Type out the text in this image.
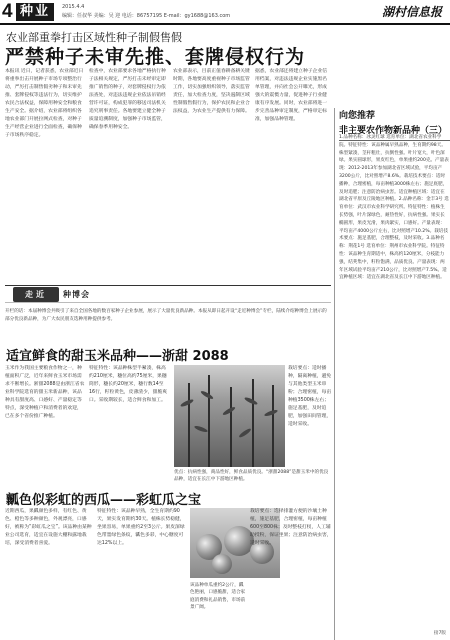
4 种业	2015.4.4
编辑：任叔华 美编：吴 迎 电话：86757195 E-mail：gy1688@163.com	湖村信息报
农业部重拳打击区域性种子制假售假
严禁种子未审先推、套牌侵权行为
本报讯 近日，记者获悉，农业部近日将重拳出击开展种子市场专项整治行动，严厉打击制售假劣种子和未审先推、套牌侵权等违法行为，切实维护农民合法权益，保障用种安全和粮食生产安全。据介绍，农业部将组织各地农业部门开展拉网式检查，对种子生产经营企业进行全面检查，确保种子市场秩序稳定。
检查中，农业部要求各地严格执行种子法相关规定，严厉打击未经审定即推广销售的种子，对套牌侵权行为依法查处，对违法违规企业依法吊销经营许可证，构成犯罪的移送司法机关追究刑事责任。各地要建立健全种子质量追溯制度，加强种子市场监管，确保春季用种安全。
农业部表示，目前正值春耕备耕关键时期，各地要高度重视种子市场监管工作，切实加强组织领导，落实监管责任，加大检查力度，坚决遏制区域性制假售假行为，保护农民和企业合法权益，为农业生产提供有力保障。
据悉，农业部还将建立种子企业信用档案，对违法违规企业实施黑名单管理，并向社会公开曝光，形成强大的震慑力量，促进种子行业健康有序发展。同时，农业部将进一步完善品种审定制度，严格审定标准，加强品种管理。	向您推荐
非主要农作物新品种（三）
1.品种名称：冰灵红球 选育单位：湖北省农业科学院。特征特性：该品种属早熟品种，生育期约98天。株型紧凑，茎秆粗壮，抗倒性强。叶片宽大，叶色深绿。果实圆球形，果皮红色，单果重约200克。产量表现：2012-2013年参加湖北省区域试验，平均亩产3200公斤，比对照增产8.6%。栽培技术要点：适时播种，合理密植，每亩种植3000株左右；施足底肥，及时追肥；注意防治病虫害。适宜种植区域：适宜在湖北省平原及丘陵地区种植。2.品种名称：金丰3号 选育单位：武汉市农业科学研究所。特征特性：植株生长势强，叶片深绿色，耐热性好，抗病性强。果实长椭圆形，果皮光滑，果肉紧实，口感好。产量表现：平均亩产4000公斤左右，比对照增产10.2%。栽培技术要点：施足基肥，合理整枝，及时采收。3.品种名称：荆花1号 选育单位：荆州市农业科学院。特征特性：该品种生育期适中，株高约120厘米，分枝能力强，结荚集中，籽粒饱满，品质优良。产量表现：两年区域试验平均亩产210公斤，比对照增产7.5%。适宜种植区域：适宜在湖北省及长江中下游地区种植。
接7版
走近	种博会
开栏的话：本届种博会共吸引了来自全国各地的数百家种子企业参展，展示了大量优良新品种。本报从即日起开设“走近种博会”专栏，陆续介绍种博会上展示的部分优良新品种，为广大农民朋友选种用种提供参考。
适宜鲜食的甜玉米品种——浙甜 2088
玉米作为我国主要粮食作物之一，种植面积广泛，近年来鲜食玉米市场需求不断增长。浙甜2088是由浙江省农业科学院选育的甜玉米新品种，该品种具有甜度高、口感好、产量稳定等特点，深受种植户和消费者的欢迎，已在多个省份推广种植。
特征特性：该品种株型半紧凑，株高约210厘米，穗位高约75厘米，果穗筒形，穗长约20厘米，穗行数14至16行，籽粒黄色，皮薄渣少，甜脆爽口。采收期较长，适合鲜食和加工。
栽培要点：适时播种，隔离种植，避免与其他类型玉米串粉；合理密植，每亩种植3500株左右；施足基肥，及时追肥，加强田间管理，适时采收。
优点：抗病性强，商品性好，鲜食品质优良。“浙甜2088”是甜玉米中的优良品种，适宜在长江中下游地区种植。
瓤色似彩虹的西瓜——彩虹瓜之宝
近期西瓜，果瓤颜色多样，有红色、黄色、橙色等多种颜色，外观漂亮，口感好，被称为“彩虹瓜之宝”。该品种由某种业公司选育，适宜在设施大棚和露地栽培，深受消费者喜爱。
特征特性：该品种早熟，全生育期约90天，果实发育期约30天。植株长势稳健，坐果容易，单果重约2至3公斤。果皮深绿色带墨绿色条纹，瓤色多彩，中心糖度可达12%以上。
该品种单瓜重约2公斤，瓤色艳丽，口感脆甜，适合家庭消费和礼品销售，市场前景广阔。
栽培要点：选择排灌方便的沙壤土种植，施足基肥，合理密植，每亩种植600至800株；及时整枝打杈，人工辅助授粉，保证坐果；注意防治病虫害，适时采收。
